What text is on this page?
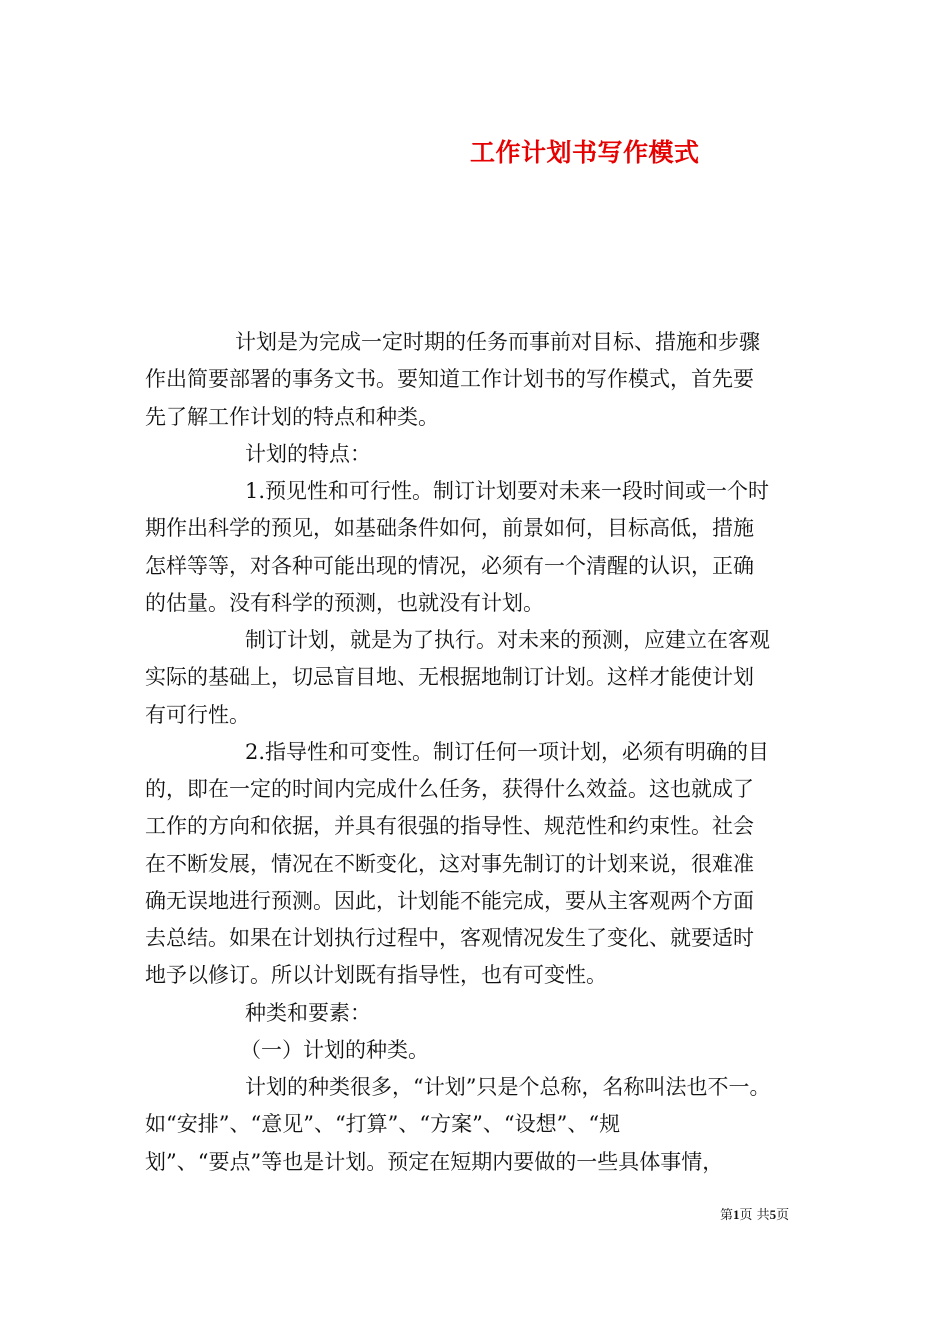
工作计划书写作模式
计划是为完成一定时期的任务而事前对目标、措施和步骤
作出简要部署的事务文书。要知道工作计划书的写作模式，首先要
先了解工作计划的特点和种类。
计划的特点：
1.预见性和可行性。制订计划要对未来一段时间或一个时
期作出科学的预见，如基础条件如何，前景如何，目标高低，措施
怎样等等，对各种可能出现的情况，必须有一个清醒的认识，正确
的估量。没有科学的预测，也就没有计划。
制订计划，就是为了执行。对未来的预测，应建立在客观
实际的基础上，切忌盲目地、无根据地制订计划。这样才能使计划
有可行性。
2.指导性和可变性。制订任何一项计划，必须有明确的目
的，即在一定的时间内完成什么任务，获得什么效益。这也就成了
工作的方向和依据，并具有很强的指导性、规范性和约束性。社会
在不断发展，情况在不断变化，这对事先制订的计划来说，很难准
确无误地进行预测。因此，计划能不能完成，要从主客观两个方面
去总结。如果在计划执行过程中，客观情况发生了变化、就要适时
地予以修订。所以计划既有指导性，也有可变性。
种类和要素：
（一）计划的种类。
计划的种类很多，“计划”只是个总称，名称叫法也不一。
如“安排”、“意见”、“打算”、“方案”、“设想”、“规
划”、“要点”等也是计划。预定在短期内要做的一些具体事情，
第1页 共5页
